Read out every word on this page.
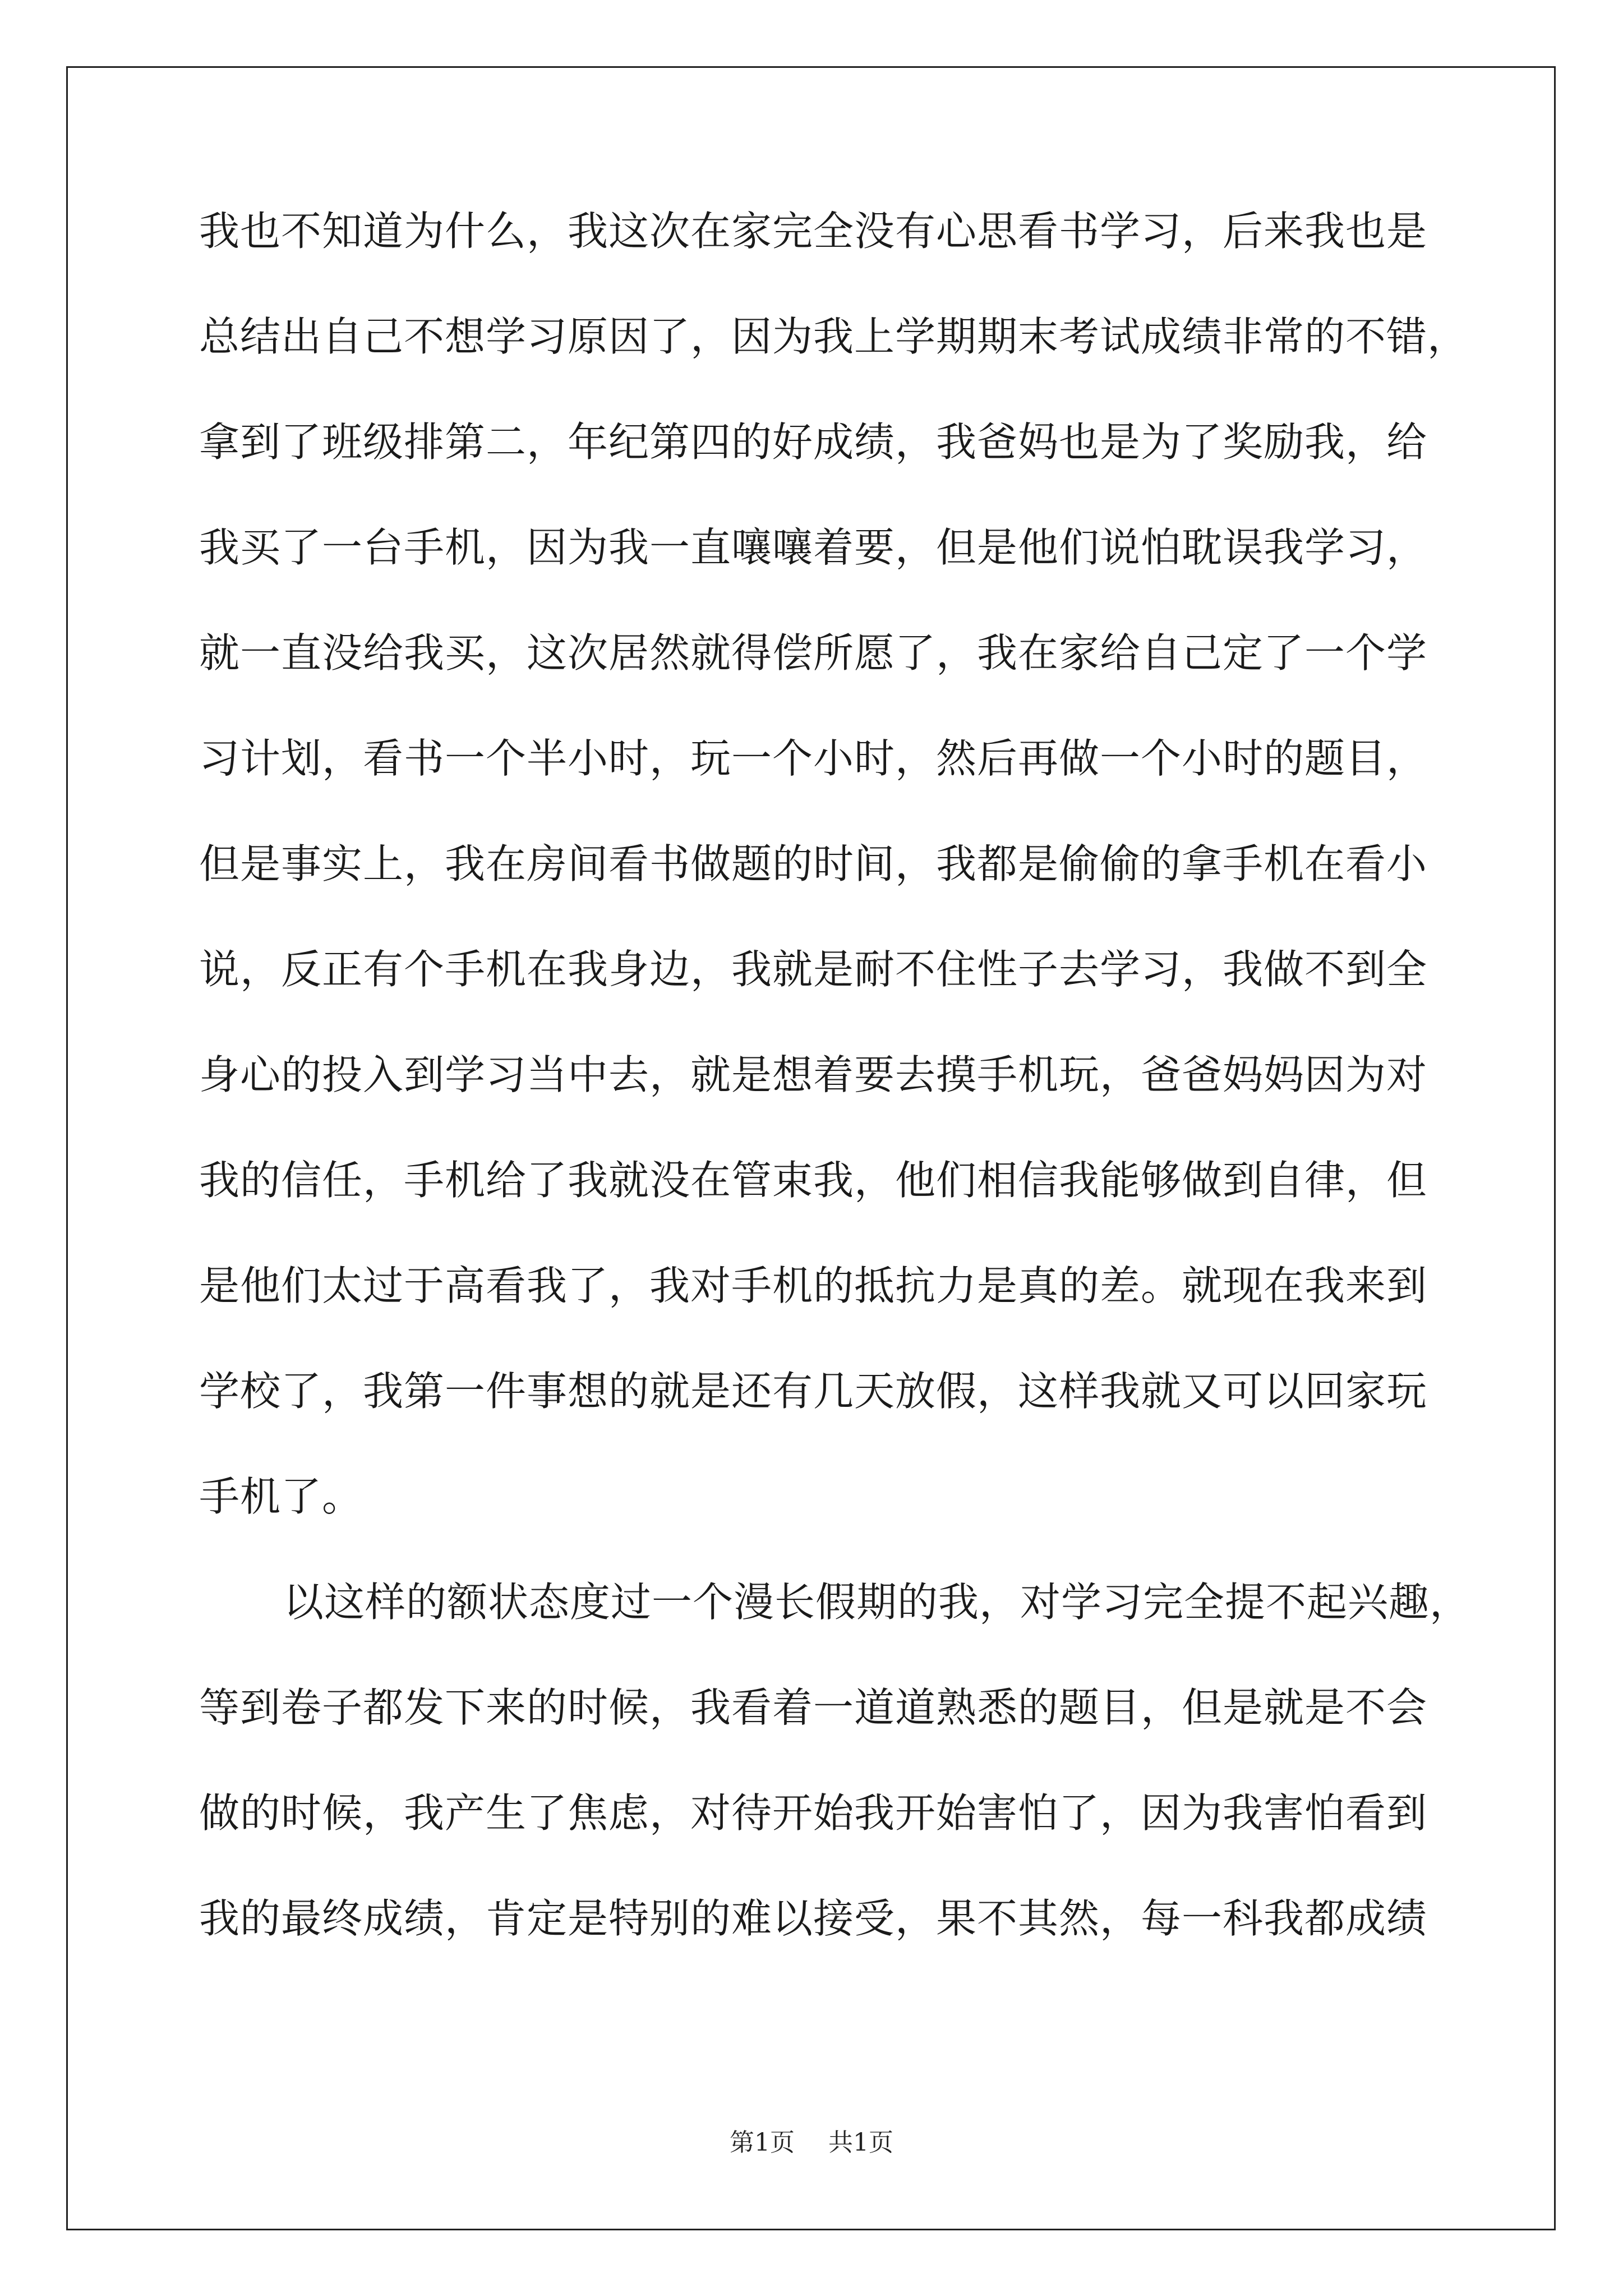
我也不知道为什么，我这次在家完全没有心思看书学习，后来我也是
总结出自己不想学习原因了，因为我上学期期末考试成绩非常的不错，
拿到了班级排第二，年纪第四的好成绩，我爸妈也是为了奖励我，给
我买了一台手机，因为我一直嚷嚷着要，但是他们说怕耽误我学习，
就一直没给我买，这次居然就得偿所愿了，我在家给自己定了一个学
习计划，看书一个半小时，玩一个小时，然后再做一个小时的题目，
但是事实上，我在房间看书做题的时间，我都是偷偷的拿手机在看小
说，反正有个手机在我身边，我就是耐不住性子去学习，我做不到全
身心的投入到学习当中去，就是想着要去摸手机玩，爸爸妈妈因为对
我的信任，手机给了我就没在管束我，他们相信我能够做到自律，但
是他们太过于高看我了，我对手机的抵抗力是真的差。就现在我来到
学校了，我第一件事想的就是还有几天放假，这样我就又可以回家玩
手机了。
以这样的额状态度过一个漫长假期的我，对学习完全提不起兴趣，
等到卷子都发下来的时候，我看着一道道熟悉的题目，但是就是不会
做的时候，我产生了焦虑，对待开始我开始害怕了，因为我害怕看到
我的最终成绩，肯定是特别的难以接受，果不其然，每一科我都成绩
第1页 共1页
